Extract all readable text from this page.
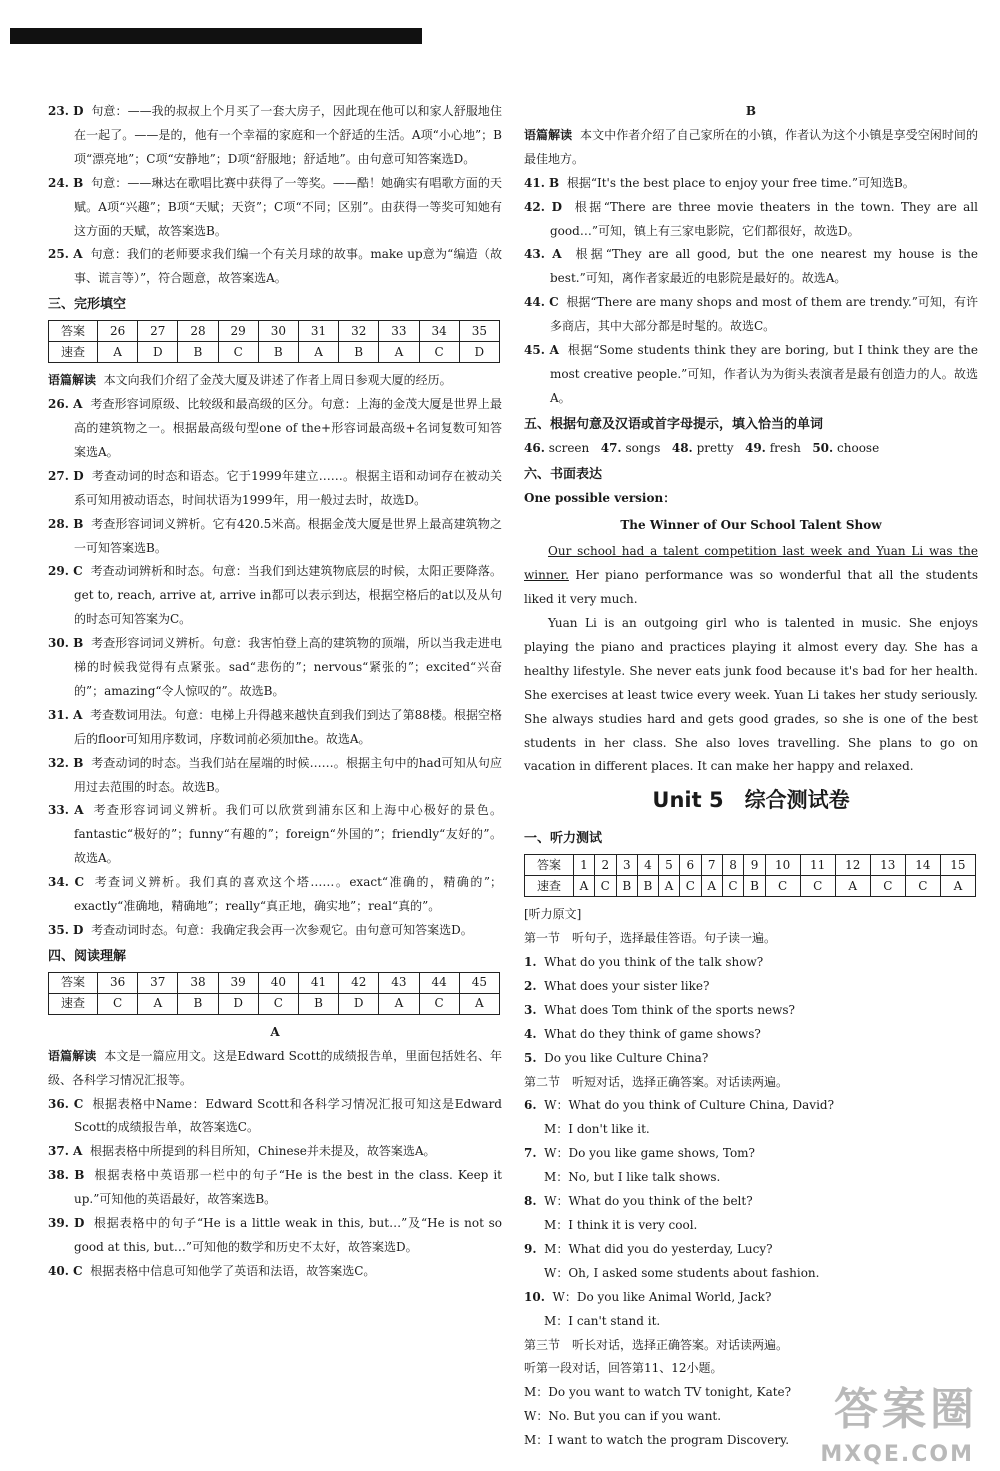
23. D 句意：——我的叔叔上个月买了一套大房子，因此现在他可以和家人舒服地住在一起了。——是的，他有一个幸福的家庭和一个舒适的生活。A项“小心地”；B项“漂亮地”；C项“安静地”；D项“舒服地；舒适地”。由句意可知答案选D。

24. B 句意：——琳达在歌唱比赛中获得了一等奖。——酷！她确实有唱歌方面的天赋。A项“兴趣”；B项“天赋；天资”；C项“不同；区别”。由获得一等奖可知她有这方面的天赋，故答案选B。

25. A 句意：我们的老师要求我们编一个有关月球的故事。make up意为“编造（故事、谎言等）”，符合题意，故答案选A。

三、完形填空

答案	26	27	28	29	30	31	32	33	34	35
速查	A	D	B	C	B	A	B	A	C	D

语篇解读 本文向我们介绍了金茂大厦及讲述了作者上周日参观大厦的经历。

26. A 考查形容词原级、比较级和最高级的区分。句意：上海的金茂大厦是世界上最高的建筑物之一。根据最高级句型one of the+形容词最高级+名词复数可知答案选A。

27. D 考查动词的时态和语态。它于1999年建立……。根据主语和动词存在被动关系可知用被动语态，时间状语为1999年，用一般过去时，故选D。

28. B 考查形容词词义辨析。它有420.5米高。根据金茂大厦是世界上最高建筑物之一可知答案选B。

29. C 考查动词辨析和时态。句意：当我们到达建筑物底层的时候，太阳正要降落。get to, reach, arrive at, arrive in都可以表示到达，根据空格后的at以及从句的时态可知答案为C。

30. B 考查形容词词义辨析。句意：我害怕登上高的建筑物的顶端，所以当我走进电梯的时候我觉得有点紧张。sad“悲伤的”；nervous“紧张的”；excited“兴奋的”；amazing“令人惊叹的”。故选B。

31. A 考查数词用法。句意：电梯上升得越来越快直到我们到达了第88楼。根据空格后的floor可知用序数词，序数词前必须加the。故选A。

32. B 考查动词的时态。当我们站在屋端的时候……。根据主句中的had可知从句应用过去范围的时态。故选B。

33. A 考查形容词词义辨析。我们可以欣赏到浦东区和上海中心极好的景色。fantastic“极好的”；funny“有趣的”；foreign“外国的”；friendly“友好的”。故选A。

34. C 考查词义辨析。我们真的喜欢这个塔……。exact“准确的，精确的”；exactly“准确地，精确地”；really“真正地，确实地”；real“真的”。

35. D 考查动词时态。句意：我确定我会再一次参观它。由句意可知答案选D。

四、阅读理解

答案	36	37	38	39	40	41	42	43	44	45
速查	C	A	B	D	C	B	D	A	C	A

A

语篇解读 本文是一篇应用文。这是Edward Scott的成绩报告单，里面包括姓名、年级、各科学习情况汇报等。

36. C 根据表格中Name：Edward Scott和各科学习情况汇报可知这是Edward Scott的成绩报告单，故答案选C。

37. A 根据表格中所提到的科目所知，Chinese并未提及，故答案选A。

38. B 根据表格中英语那一栏中的句子“He is the best in the class. Keep it up.”可知他的英语最好，故答案选B。

39. D 根据表格中的句子“He is a little weak in this, but…”及“He is not so good at this, but…”可知他的数学和历史不太好，故答案选D。

40. C 根据表格中信息可知他学了英语和法语，故答案选C。

B

语篇解读 本文中作者介绍了自己家所在的小镇，作者认为这个小镇是享受空闲时间的最佳地方。

41. B 根据“It's the best place to enjoy your free time.”可知选B。

42. D 根据“There are three movie theaters in the town. They are all good…”可知，镇上有三家电影院，它们都很好，故选D。

43. A 根据“They are all good, but the one nearest my house is the best.”可知，离作者家最近的电影院是最好的。故选A。

44. C 根据“There are many shops and most of them are trendy.”可知，有许多商店，其中大部分都是时髦的。故选C。

45. A 根据“Some students think they are boring, but I think they are the most creative people.”可知，作者认为为街头表演者是最有创造力的人。故选A。

五、根据句意及汉语或首字母提示，填入恰当的单词

46. screen 47. songs 48. pretty 49. fresh 50. choose

六、书面表达

One possible version：

The Winner of Our School Talent Show

Our school had a talent competition last week and Yuan Li was the winner. Her piano performance was so wonderful that all the students liked it very much.

Yuan Li is an outgoing girl who is talented in music. She enjoys playing the piano and practices playing it almost every day. She has a healthy lifestyle. She never eats junk food because it's bad for her health. She exercises at least twice every week. Yuan Li takes her study seriously. She always studies hard and gets good grades, so she is one of the best students in her class. She also loves travelling. She plans to go on vacation in different places. It can make her happy and relaxed.

Unit 5　综合测试卷

一、听力测试

答案	1	2	3	4	5	6	7	8	9	10	11	12	13	14	15
速查	A	C	B	B	A	C	A	C	B	C	C	A	C	C	A

[听力原文]

第一节　听句子，选择最佳答语。句子读一遍。

1. What do you think of the talk show?

2. What does your sister like?

3. What does Tom think of the sports news?

4. What do they think of game shows?

5. Do you like Culture China?

第二节　听短对话，选择正确答案。对话读两遍。

6. W：What do you think of Culture China, David?

M：I don't like it.

7. W：Do you like game shows, Tom?

M：No, but I like talk shows.

8. W：What do you think of the belt?

M：I think it is very cool.

9. M：What did you do yesterday, Lucy?

W：Oh, I asked some students about fashion.

10. W：Do you like Animal World, Jack?

M：I can't stand it.

第三节　听长对话，选择正确答案。对话读两遍。

听第一段对话，回答第11、12小题。

M：Do you want to watch TV tonight, Kate?

W：No. But you can if you want.

M：I want to watch the program Discovery.

答案圈
MXQE.COM
